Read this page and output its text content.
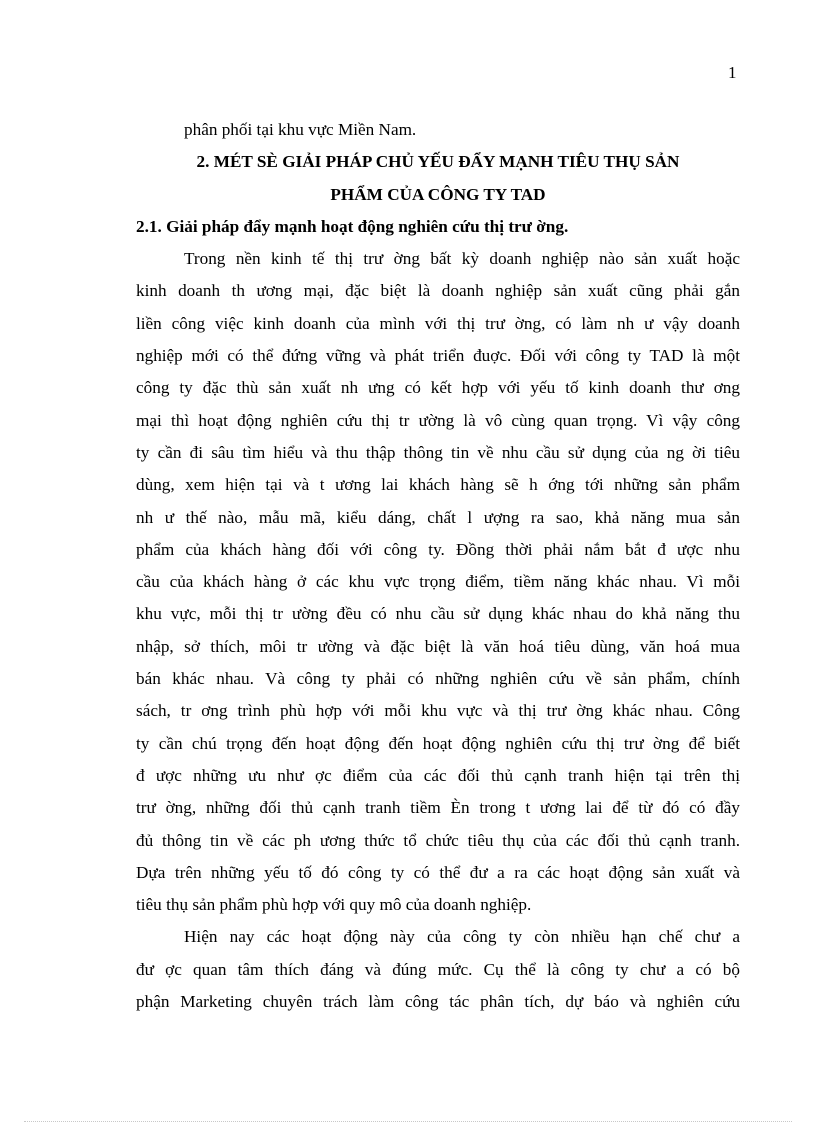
1
phân phối tại khu vực Miền Nam.
2. MÉT SÈ GIẢI PHÁP CHỦ YẾU ĐẨY MẠNH TIÊU THỤ SẢN
PHẨM CỦA CÔNG TY TAD
2.1. Giải pháp đẩy mạnh hoạt động nghiên cứu thị trư ờng.
Trong nền kinh tế thị trư ờng bất kỳ doanh nghiệp nào sản xuất hoặc
kinh doanh th ương mại, đặc biệt là doanh nghiệp sản xuất cũng phải gắn
liền công việc kinh doanh của mình với thị trư ờng, có làm nh ư vậy doanh
nghiệp mới có thể đứng vững và phát triển đuợc. Đối với công ty TAD là một
công ty đặc thù sản xuất nh ưng có kết hợp với yếu tố kinh doanh thư ơng
mại thì hoạt động nghiên cứu thị tr ường là vô cùng quan trọng. Vì vậy công
ty cần đi sâu tìm hiểu và thu thập thông tin về nhu cầu sử dụng của ng ời tiêu
dùng, xem hiện tại và t ương lai khách hàng sẽ h ớng tới những sản phẩm
nh ư thế nào, mẫu mã, kiểu dáng, chất l ượng ra sao, khả năng mua sản
phẩm của khách hàng đối với công ty. Đồng thời phải nắm bắt đ ược nhu
cầu của khách hàng ở các khu vực trọng điểm, tiềm năng khác nhau. Vì mỗi
khu vực, mỗi thị tr ường đều có nhu cầu sử dụng khác nhau do khả năng thu
nhập, sở thích, môi tr ường và đặc biệt là văn hoá tiêu dùng, văn hoá mua
bán khác nhau. Và công ty phải có những nghiên cứu về sản phẩm, chính
sách, tr ơng trình phù hợp với mỗi khu vực và thị trư ờng khác nhau. Công
ty cần chú trọng đến hoạt động đến hoạt động nghiên cứu thị trư ờng để biết
đ ược những ưu như ợc điểm của các đối thủ cạnh tranh hiện tại trên thị
trư ờng, những đối thủ cạnh tranh tiềm Èn trong t ương lai để từ đó có đầy
đủ thông tin về các ph ương thức tổ chức tiêu thụ của các đối thủ cạnh tranh.
Dựa trên những yếu tố đó công ty có thể đư a ra các hoạt động sản xuất và
tiêu thụ sản phẩm phù hợp với quy mô của doanh nghiệp.
Hiện nay các hoạt động này của công ty còn nhiều hạn chế chư a
đư ợc quan tâm thích đáng và đúng mức. Cụ thể là công ty chư a có bộ
phận Marketing chuyên trách làm công tác phân tích, dự báo và nghiên cứu
